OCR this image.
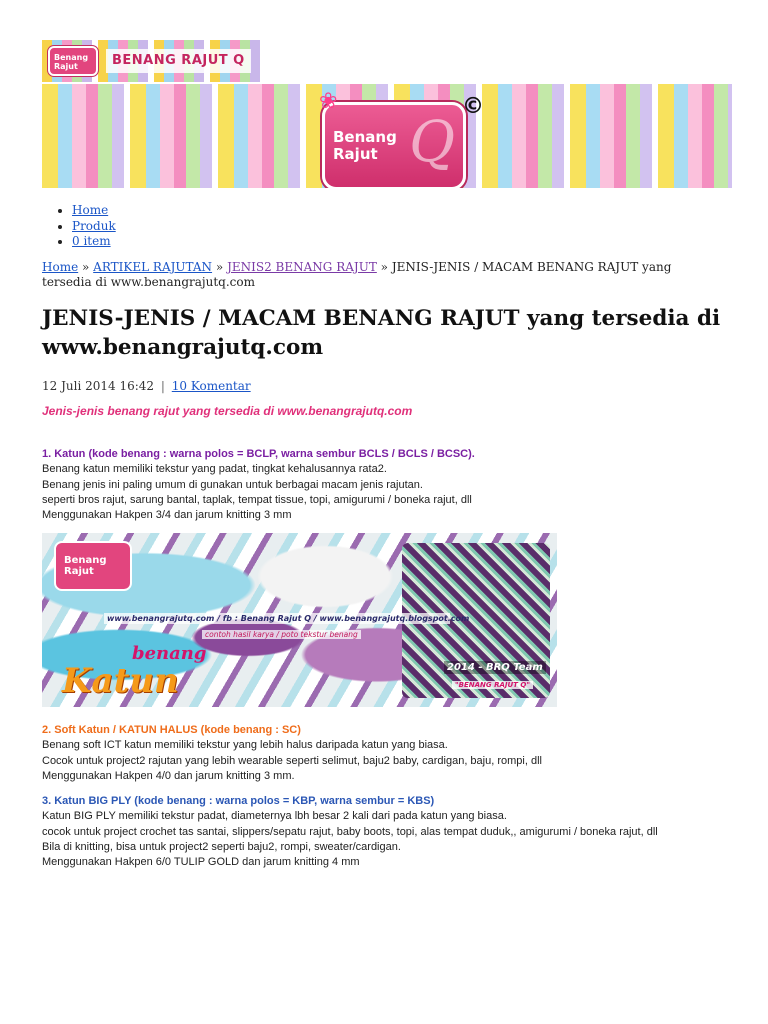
Benang Rajut	BENANG RAJUT Q
❀
Q
Benang Rajut
©
• Home
• Produk
• 0 item
Home » ARTIKEL RAJUTAN » JENIS2 BENANG RAJUT » JENIS-JENIS / MACAM BENANG RAJUT yang tersedia di www.benangrajutq.com
JENIS-JENIS / MACAM BENANG RAJUT yang tersedia di www.benangrajutq.com
12 Juli 2014 16:42 | 10 Komentar
Jenis-jenis benang rajut yang tersedia di www.benangrajutq.com
1. Katun (kode benang : warna polos = BCLP, warna sembur BCLS / BCLS / BCSC).
Benang katun memiliki tekstur yang padat, tingkat kehalusannya rata2.
Benang jenis ini paling umum di gunakan untuk berbagai macam jenis rajutan.
seperti bros rajut, sarung bantal, taplak, tempat tissue, topi, amigurumi / boneka rajut, dll
Menggunakan Hakpen 3/4 dan jarum knitting 3 mm
Benang Rajut
www.benangrajutq.com / fb : Benang Rajut Q / www.benangrajutq.blogspot.com
contoh hasil karya / poto tekstur benang
benang
Katun	2014 - BRQ Team
"BENANG RAJUT Q"
2. Soft Katun / KATUN HALUS (kode benang : SC)
Benang soft ICT katun memiliki tekstur yang lebih halus daripada katun yang biasa.
Cocok untuk project2 rajutan yang lebih wearable seperti selimut, baju2 baby, cardigan, baju, rompi, dll
Menggunakan Hakpen 4/0 dan jarum knitting 3 mm.
3. Katun BIG PLY (kode benang : warna polos = KBP, warna sembur = KBS)
Katun BIG PLY memiliki tekstur padat, diameternya lbh besar 2 kali dari pada katun yang biasa.
cocok untuk project crochet tas santai, slippers/sepatu rajut, baby boots, topi, alas tempat duduk,, amigurumi / boneka rajut, dll
Bila di knitting, bisa untuk project2 seperti baju2, rompi, sweater/cardigan.
Menggunakan Hakpen 6/0 TULIP GOLD dan jarum knitting 4 mm
